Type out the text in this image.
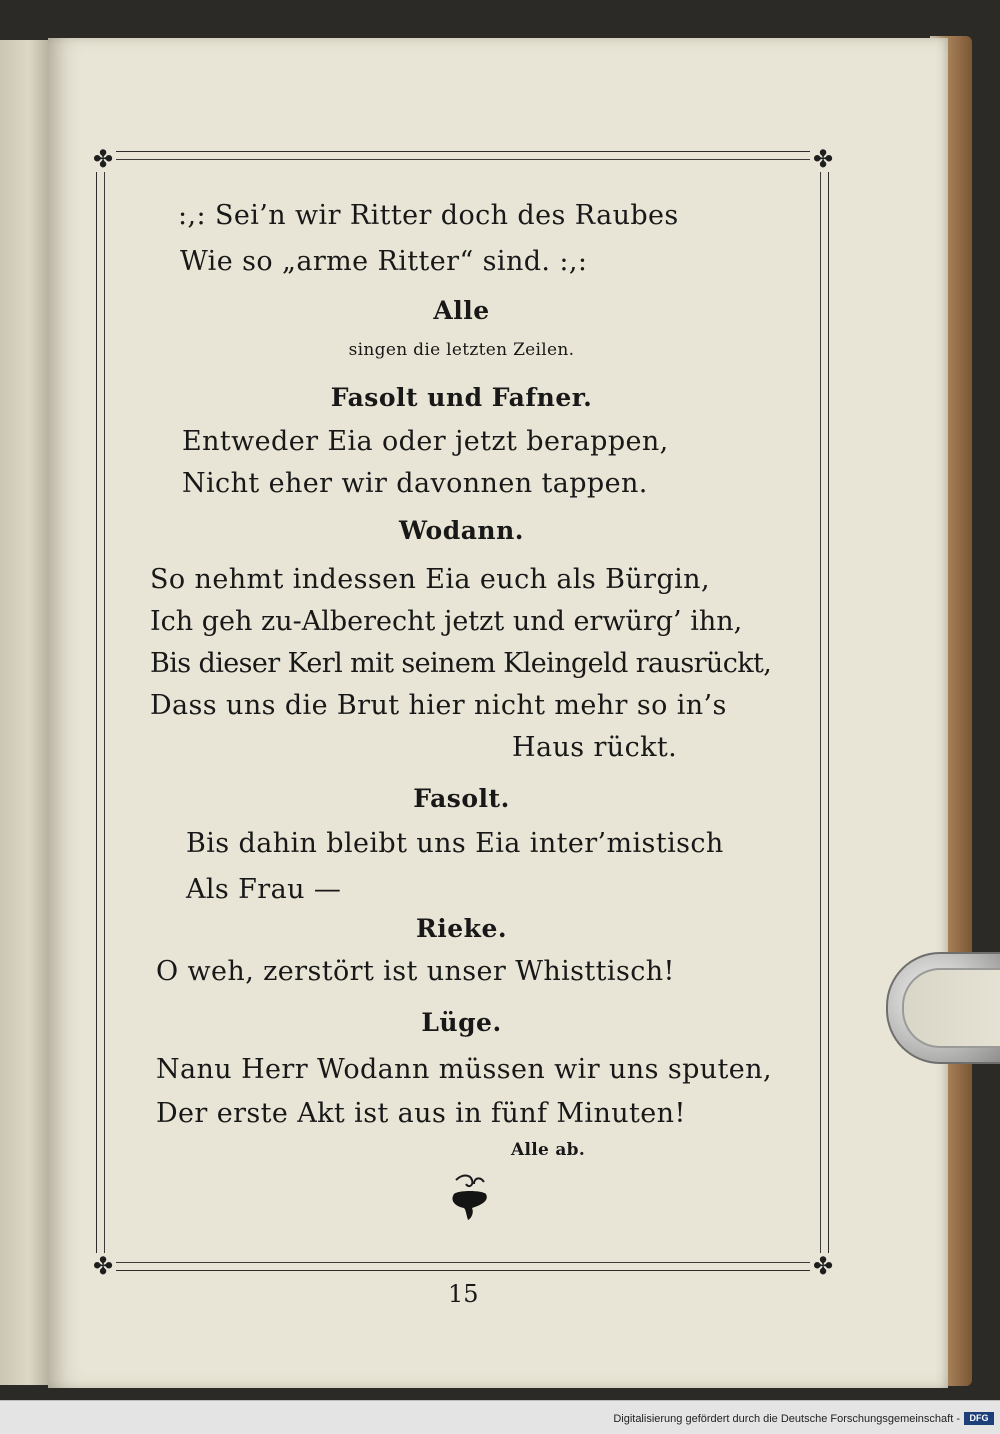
✤	✤
✤	✤
:,: Sei’n wir Ritter doch des Raubes
Wie so „arme Ritter“ sind. :,:
Alle
singen die letzten Zeilen.
Fasolt und Fafner.
Entweder Eia oder jetzt berappen,
Nicht eher wir davonnen tappen.
Wodann.
So nehmt indessen Eia euch als Bürgin,
Ich geh zu‑Alberecht jetzt und erwürg’ ihn,
Bis dieser Kerl mit seinem Kleingeld rausrückt,
Dass uns die Brut hier nicht mehr so in’s
Haus rückt.
Fasolt.
Bis dahin bleibt uns Eia inter’mistisch
Als Frau —
Rieke.
O weh, zerstört ist unser Whisttisch!
Lüge.
Nanu Herr Wodann müssen wir uns sputen,
Der erste Akt ist aus in fünf Minuten!
Alle ab.
15
Digitalisierung gefördert durch die Deutsche Forschungsgemeinschaft -	DFG
